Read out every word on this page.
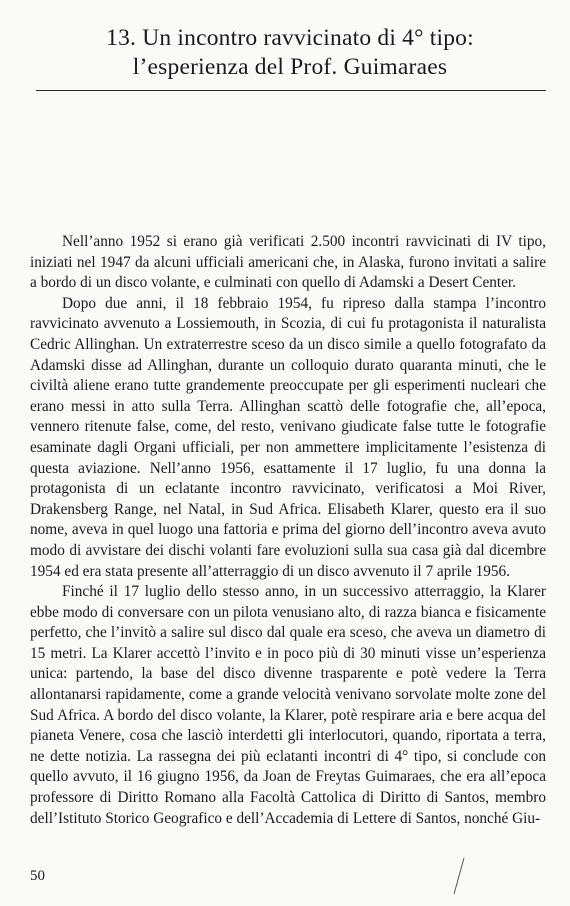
13. Un incontro ravvicinato di 4° tipo:
l’esperienza del Prof. Guimaraes

Nell’anno 1952 si erano già verificati 2.500 incontri ravvicinati di IV tipo, iniziati nel 1947 da alcuni ufficiali americani che, in Alaska, furono invitati a salire a bordo di un disco volante, e culminati con quello di Adamski a Desert Center.

Dopo due anni, il 18 febbraio 1954, fu ripreso dalla stampa l’incontro ravvicinato avvenuto a Lossiemouth, in Scozia, di cui fu protagonista il naturalista Cedric Allinghan. Un extraterrestre sceso da un disco simile a quello fotografato da Adamski disse ad Allinghan, durante un colloquio durato quaranta minuti, che le civiltà aliene erano tutte grandemente preoccupate per gli esperimenti nucleari che erano messi in atto sulla Terra. Allinghan scattò delle fotografie che, all’epoca, vennero ritenute false, come, del resto, venivano giudicate false tutte le fotografie esaminate dagli Organi ufficiali, per non ammettere implicitamente l’esistenza di questa aviazione. Nell’anno 1956, esattamente il 17 luglio, fu una donna la protagonista di un eclatante incontro ravvicinato, verificatosi a Moi River, Drakensberg Range, nel Natal, in Sud Africa. Elisabeth Klarer, questo era il suo nome, aveva in quel luogo una fattoria e prima del giorno dell’incontro aveva avuto modo di avvistare dei dischi volanti fare evoluzioni sulla sua casa già dal dicembre 1954 ed era stata presente all’atterraggio di un disco avvenuto il 7 aprile 1956.

Finché il 17 luglio dello stesso anno, in un successivo atterraggio, la Klarer ebbe modo di conversare con un pilota venusiano alto, di razza bianca e fisicamente perfetto, che l’invitò a salire sul disco dal quale era sceso, che aveva un diametro di 15 metri. La Klarer accettò l’invito e in poco più di 30 minuti visse un’esperienza unica: partendo, la base del disco divenne trasparente e potè vedere la Terra allontanarsi rapidamente, come a grande velocità venivano sorvolate molte zone del Sud Africa. A bordo del disco volante, la Klarer, potè respirare aria e bere acqua del pianeta Venere, cosa che lasciò interdetti gli interlocutori, quando, riportata a terra, ne dette notizia. La rassegna dei più eclatanti incontri di 4° tipo, si conclude con quello avvuto, il 16 giugno 1956, da Joan de Freytas Guimaraes, che era all’epoca professore di Diritto Romano alla Facoltà Cattolica di Diritto di Santos, membro dell’Istituto Storico Geografico e dell’Accademia di Lettere di Santos, nonché Giu-

50
